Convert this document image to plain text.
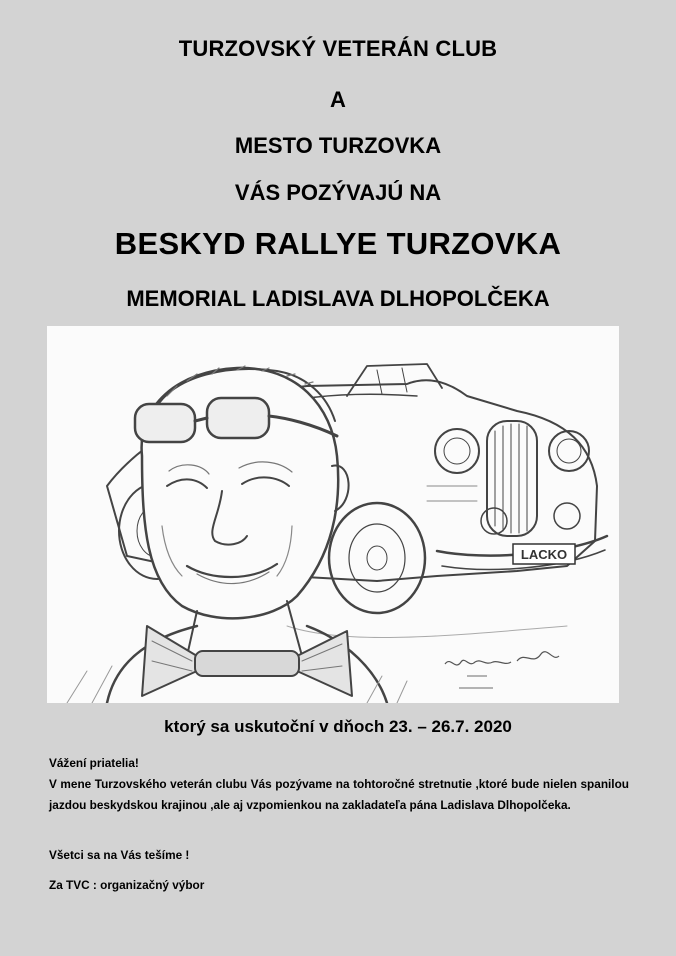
TURZOVSKÝ VETERÁN CLUB
A
MESTO TURZOVKA
VÁS POZÝVAJÚ NA
BESKYD RALLYE TURZOVKA
MEMORIAL LADISLAVA DLHOPOLČEKA
LACKO
ktorý sa uskutoční v dňoch 23. – 26.7. 2020
Vážení priatelia!
V mene Turzovského veterán clubu Vás pozývame na tohtoročné stretnutie ,ktoré bude nielen spanilou jazdou beskydskou krajinou ,ale aj vzpomienkou na zakladateľa pána Ladislava Dlhopolčeka.
Všetci sa na Vás tešíme !
Za TVC : organizačný výbor
